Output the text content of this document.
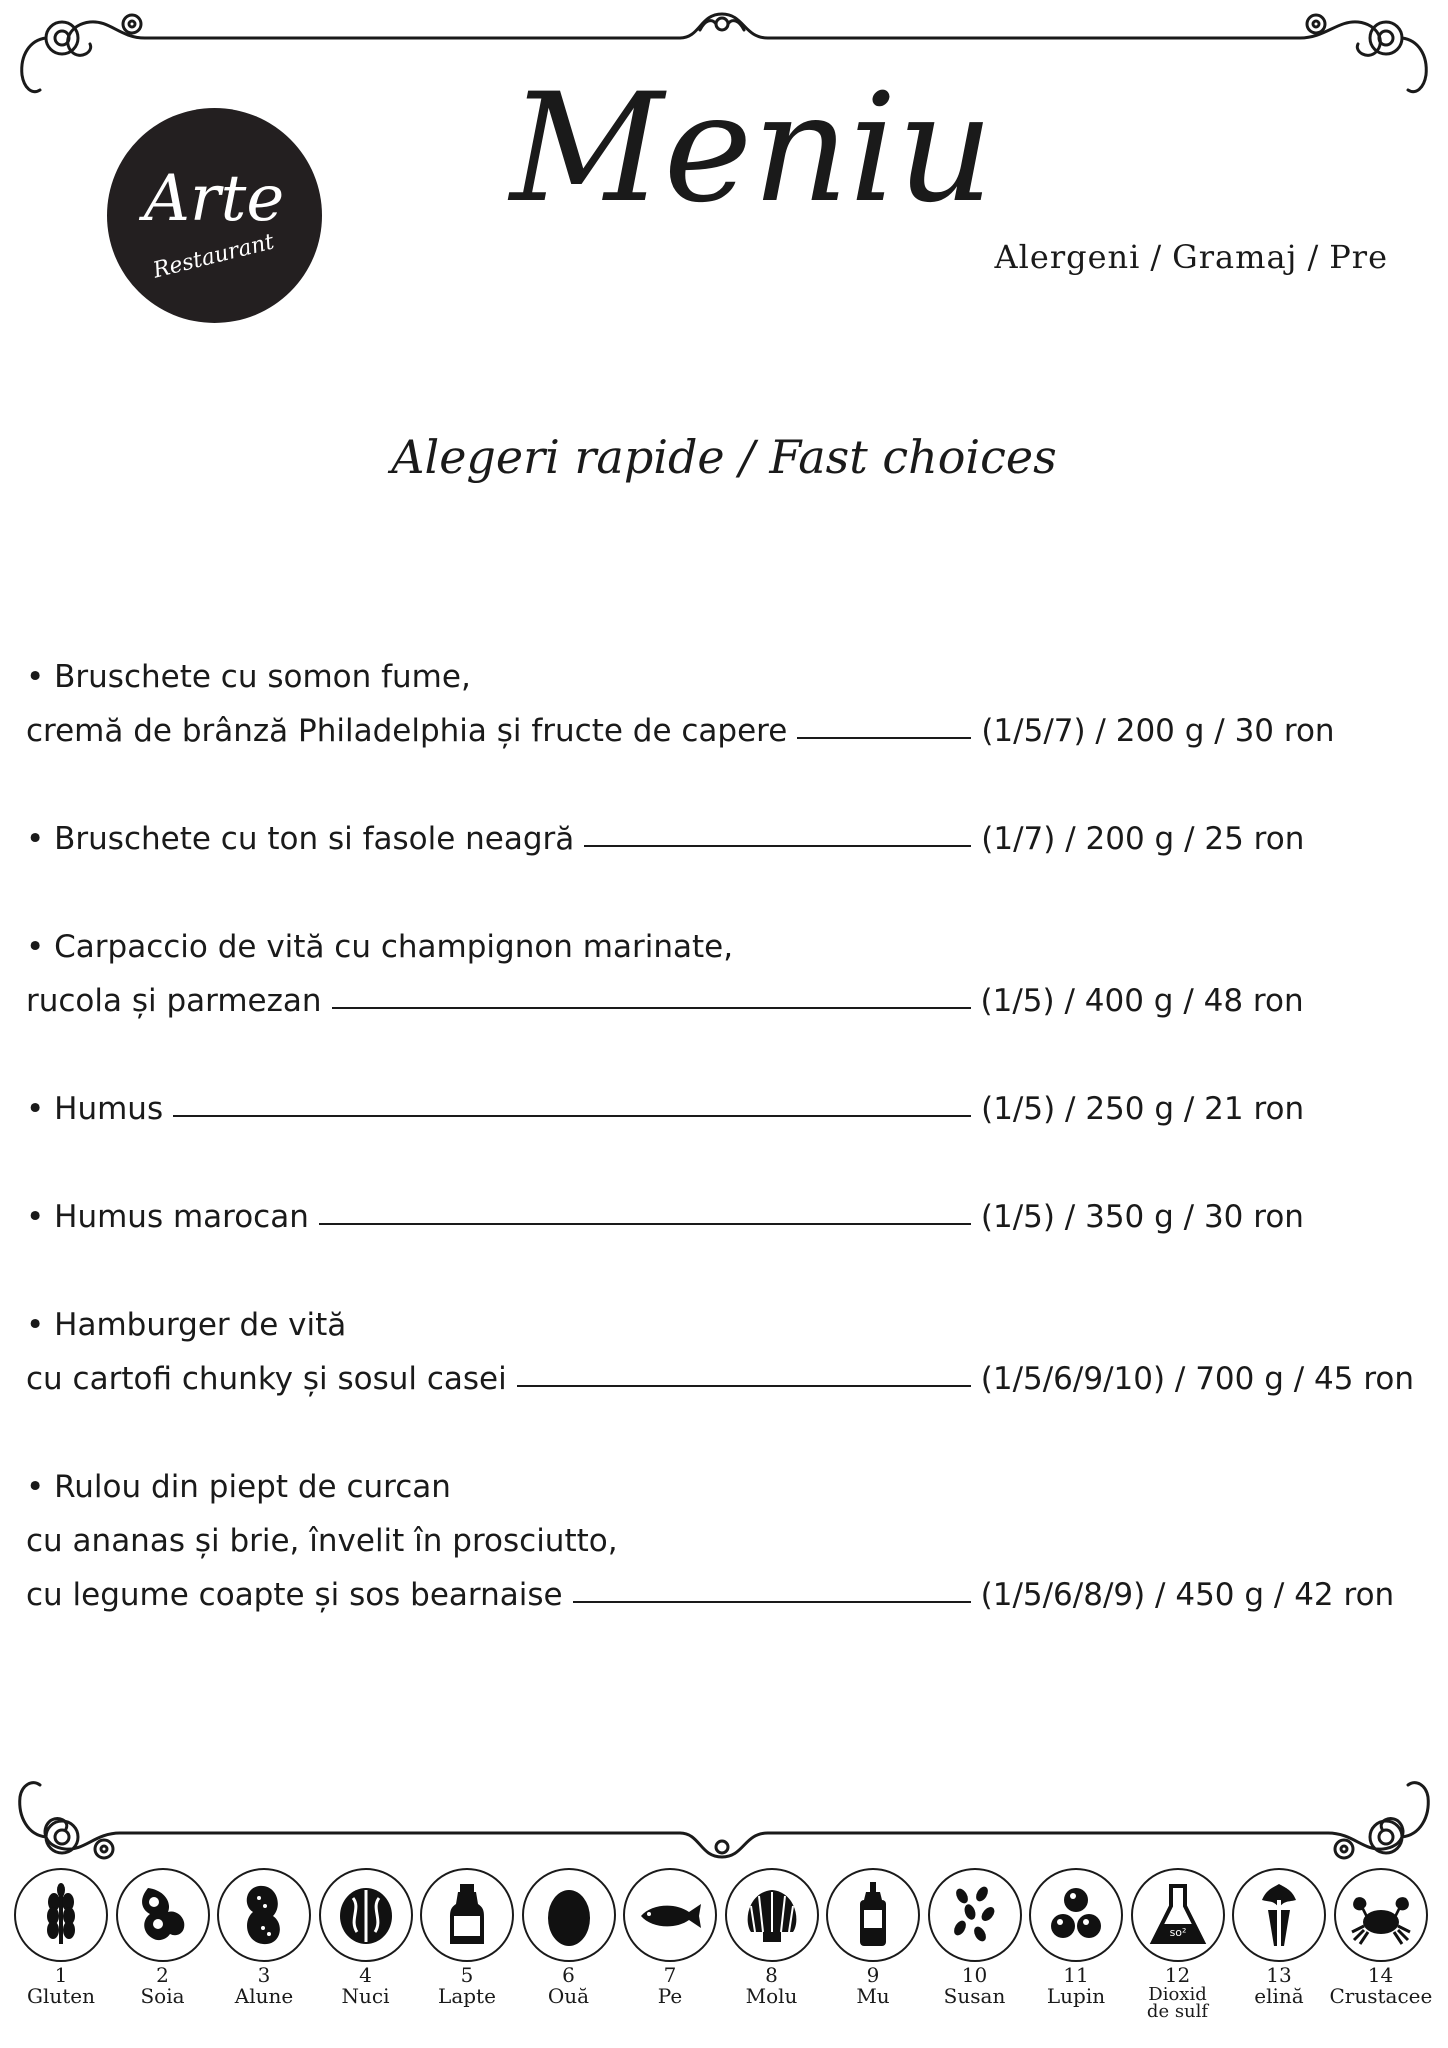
Arte
Restaurant
Meniu
Alergeni / Gramaj / Pre
Alegeri rapide / Fast choices
• Bruschete cu somon fume,
cremă de brânză Philadelphia și fructe de capere	(1/5/7) / 200 g / 30 ron
• Bruschete cu ton si fasole neagră	(1/7) / 200 g / 25 ron
• Carpaccio de vită cu champignon marinate,
rucola și parmezan	(1/5) / 400 g / 48 ron
• Humus	(1/5) / 250 g / 21 ron
• Humus marocan	(1/5) / 350 g / 30 ron
• Hamburger de vită
cu cartofi chunky și sosul casei	(1/5/6/9/10) / 700 g / 45 ron
• Rulou din piept de curcan
cu ananas și brie, învelit în prosciutto,
cu legume coapte și sos bearnaise	(1/5/6/8/9) / 450 g / 42 ron
1
Gluten
2
Soia
3
Alune
4
Nuci
5
Lapte
6
Ouă
7
Pe
8
Molu
9
Mu
10
Susan
11
Lupin
so²
12
Dioxid de sulf
13
elină
14
Crustacee
